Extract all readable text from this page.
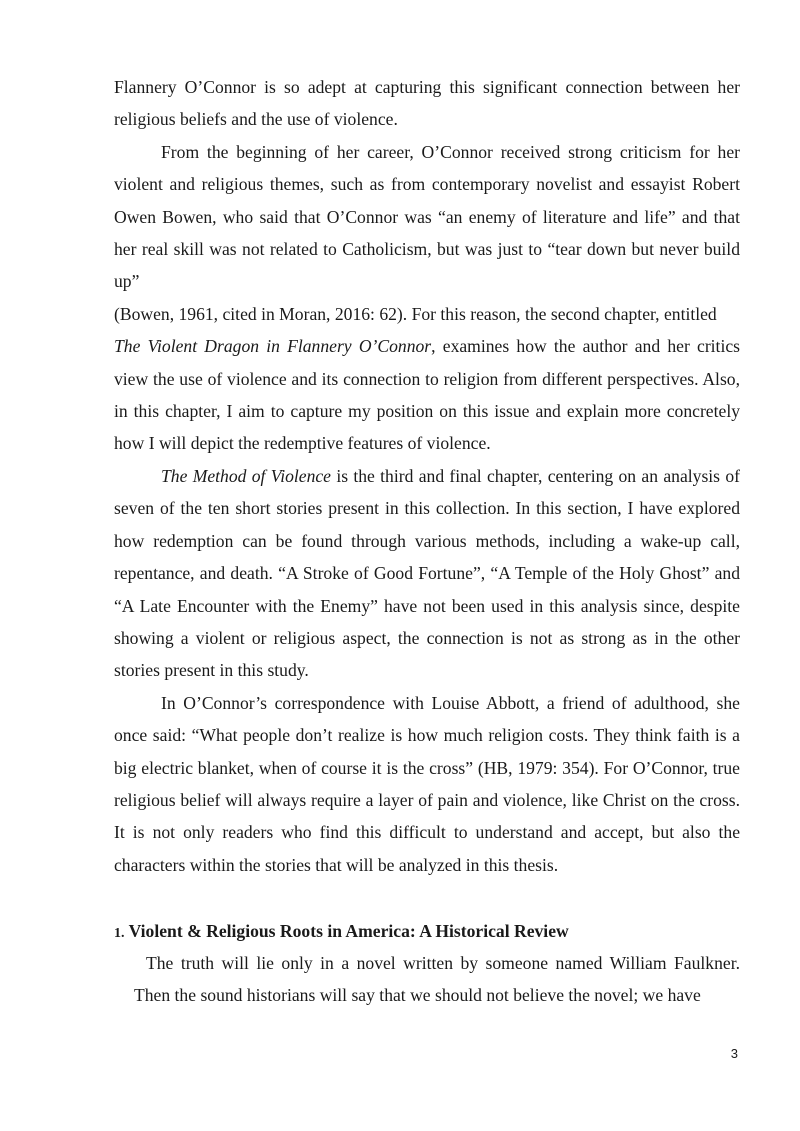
Flannery O’Connor is so adept at capturing this significant connection between her religious beliefs and the use of violence.

From the beginning of her career, O’Connor received strong criticism for her violent and religious themes, such as from contemporary novelist and essayist Robert Owen Bowen, who said that O’Connor was “an enemy of literature and life” and that her real skill was not related to Catholicism, but was just to “tear down but never build up”

(Bowen, 1961, cited in Moran, 2016: 62). For this reason, the second chapter, entitled

The Violent Dragon in Flannery O’Connor, examines how the author and her critics view the use of violence and its connection to religion from different perspectives. Also, in this chapter, I aim to capture my position on this issue and explain more concretely how I will depict the redemptive features of violence.

The Method of Violence is the third and final chapter, centering on an analysis of seven of the ten short stories present in this collection. In this section, I have explored how redemption can be found through various methods, including a wake-up call, repentance, and death. “A Stroke of Good Fortune”, “A Temple of the Holy Ghost” and “A Late Encounter with the Enemy” have not been used in this analysis since, despite showing a violent or religious aspect, the connection is not as strong as in the other stories present in this study.

In O’Connor’s correspondence with Louise Abbott, a friend of adulthood, she once said: “What people don’t realize is how much religion costs. They think faith is a big electric blanket, when of course it is the cross” (HB, 1979: 354). For O’Connor, true religious belief will always require a layer of pain and violence, like Christ on the cross. It is not only readers who find this difficult to understand and accept, but also the characters within the stories that will be analyzed in this thesis.

1. Violent & Religious Roots in America: A Historical Review

The truth will lie only in a novel written by someone named William Faulkner. Then the sound historians will say that we should not believe the novel; we have

3
